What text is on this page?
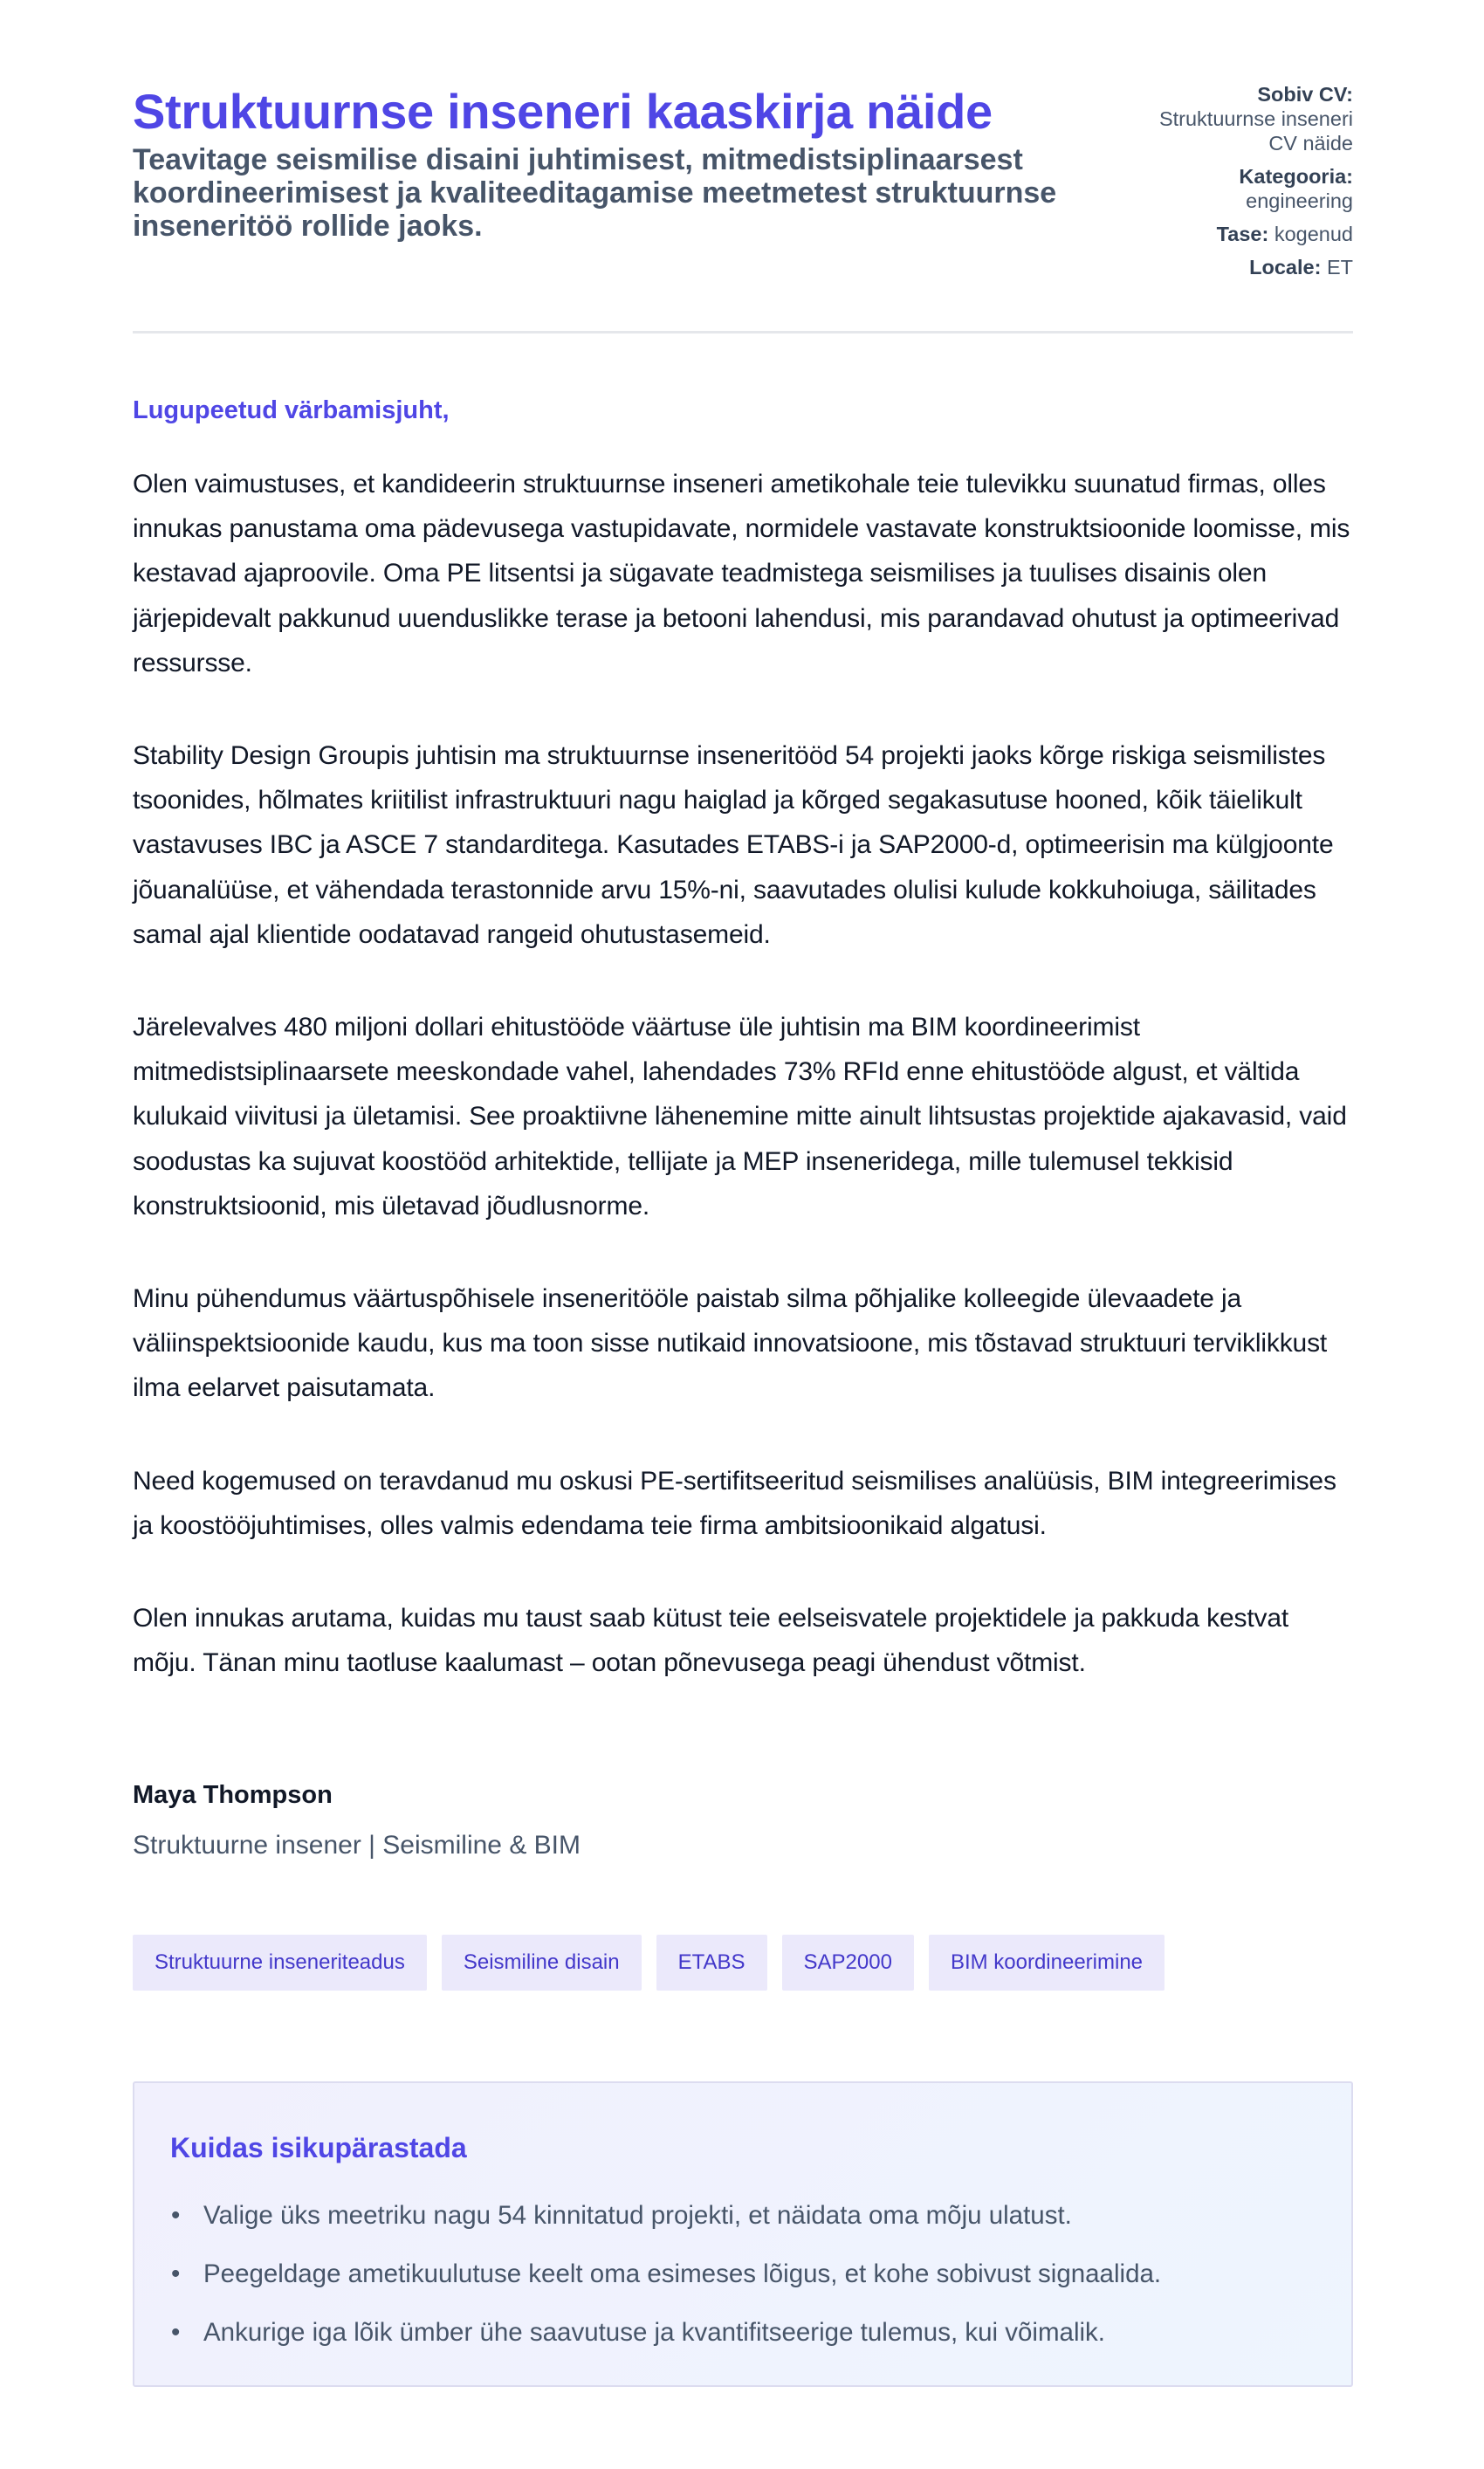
Struktuurnse inseneri kaaskirja näide
Teavitage seismilise disaini juhtimisest, mitmedistsiplinaarsest koordineerimisest ja kvaliteeditagamise meetmetest struktuurnse inseneritöö rollide jaoks.
Sobiv CV:
Struktuurnse inseneri CV näide
Kategooria:
engineering
Tase: kogenud
Locale: ET
Lugupeetud värbamisjuht,

Olen vaimustuses, et kandideerin struktuurnse inseneri ametikohale teie tulevikku suunatud firmas, olles innukas panustama oma pädevusega vastupidavate, normidele vastavate konstruktsioonide loomisse, mis kestavad ajaproovile. Oma PE litsentsi ja sügavate teadmistega seismilises ja tuulises disainis olen järjepidevalt pakkunud uuenduslikke terase ja betooni lahendusi, mis parandavad ohutust ja optimeerivad ressursse.

Stability Design Groupis juhtisin ma struktuurnse inseneritööd 54 projekti jaoks kõrge riskiga seismilistes tsoonides, hõlmates kriitilist infrastruktuuri nagu haiglad ja kõrged segakasutuse hooned, kõik täielikult vastavuses IBC ja ASCE 7 standarditega. Kasutades ETABS-i ja SAP2000-d, optimeerisin ma külgjoonte jõuanalüüse, et vähendada terastonnide arvu 15%-ni, saavutades olulisi kulude kokkuhoiuga, säilitades samal ajal klientide oodatavad rangeid ohutustasemeid.

Järelevalves 480 miljoni dollari ehitustööde väärtuse üle juhtisin ma BIM koordineerimist mitmedistsiplinaarsete meeskondade vahel, lahendades 73% RFId enne ehitustööde algust, et vältida kulukaid viivitusi ja ületamisi. See proaktiivne lähenemine mitte ainult lihtsustas projektide ajakavasid, vaid soodustas ka sujuvat koostööd arhitektide, tellijate ja MEP inseneridega, mille tulemusel tekkisid konstruktsioonid, mis ületavad jõudlusnorme.

Minu pühendumus väärtuspõhisele inseneritööle paistab silma põhjalike kolleegide ülevaadete ja väliinspektsioonide kaudu, kus ma toon sisse nutikaid innovatsioone, mis tõstavad struktuuri terviklikkust ilma eelarvet paisutamata.

Need kogemused on teravdanud mu oskusi PE-sertifitseeritud seismilises analüüsis, BIM integreerimises ja koostööjuhtimises, olles valmis edendama teie firma ambitsioonikaid algatusi.

Olen innukas arutama, kuidas mu taust saab kütust teie eelseisvatele projektidele ja pakkuda kestvat mõju. Tänan minu taotluse kaalumast – ootan põnevusega peagi ühendust võtmist.

Maya Thompson
Struktuurne insener | Seismiline & BIM
Struktuurne inseneriteadus	Seismiline disain	ETABS	SAP2000	BIM koordineerimine
Kuidas isikupärastada
• Valige üks meetriku nagu 54 kinnitatud projekti, et näidata oma mõju ulatust.
• Peegeldage ametikuulutuse keelt oma esimeses lõigus, et kohe sobivust signaalida.
• Ankurige iga lõik ümber ühe saavutuse ja kvantifitseerige tulemus, kui võimalik.
